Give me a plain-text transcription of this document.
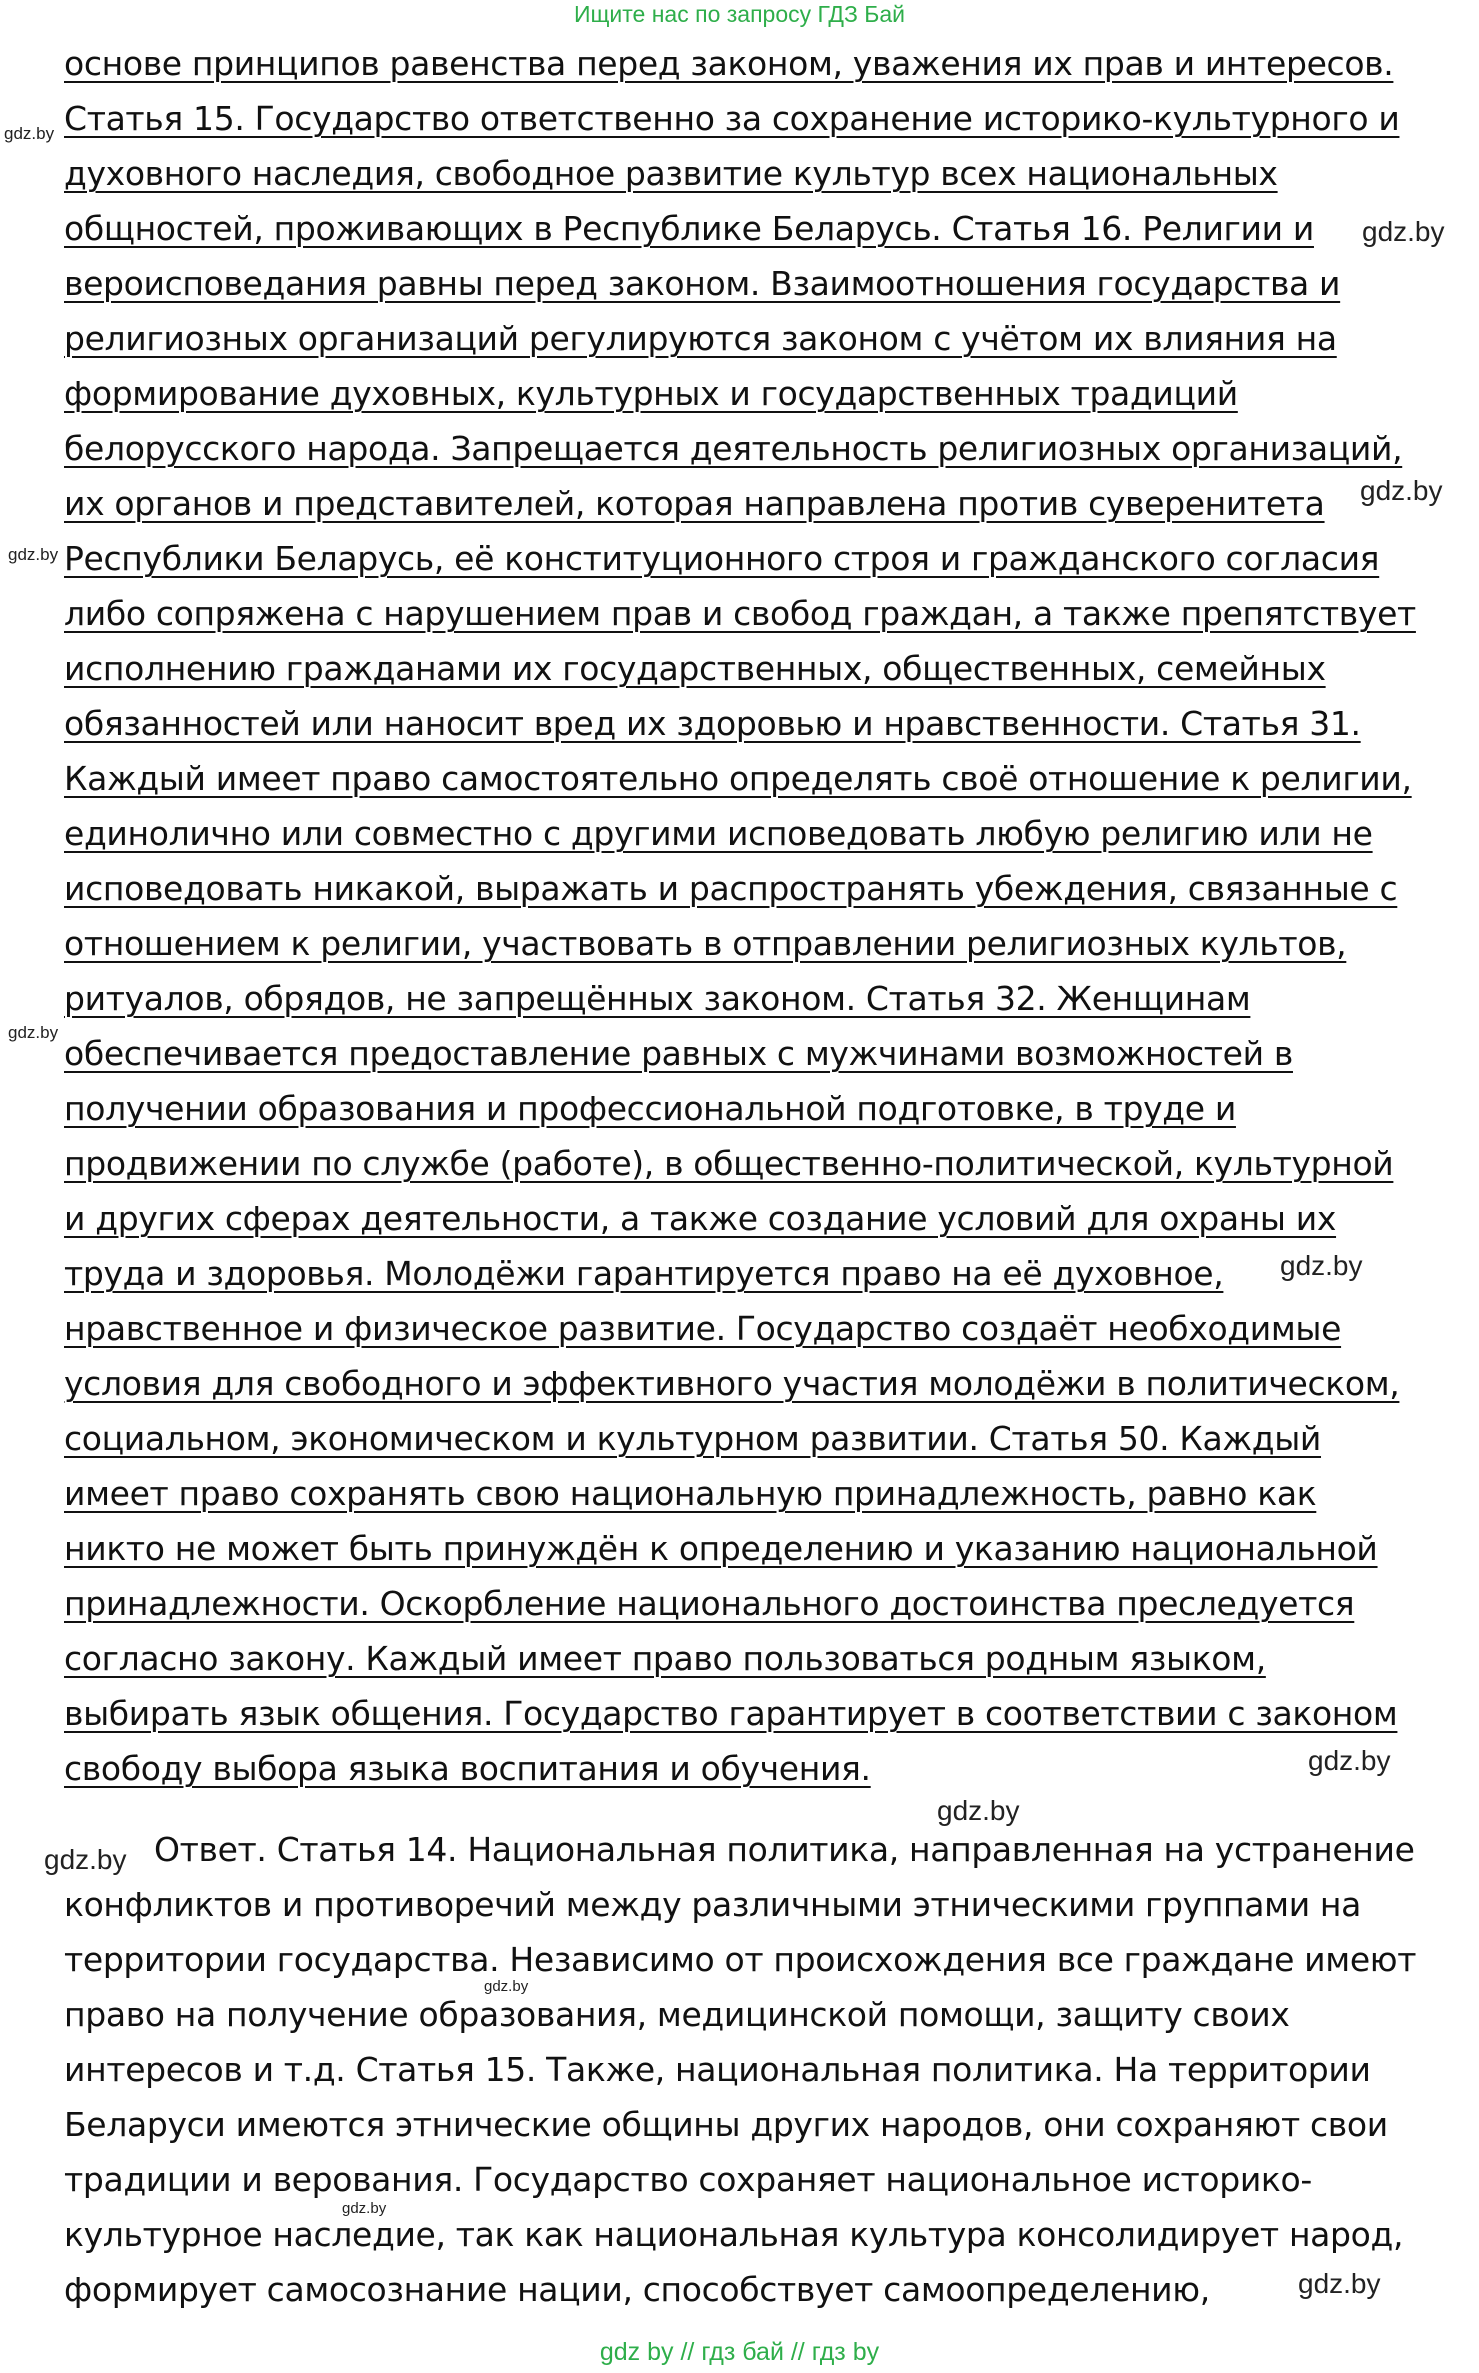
Ищите нас по запросу ГДЗ Бай
основе принципов равенства перед законом, уважения их прав и интересов.
Статья 15. Государство ответственно за сохранение историко-культурного и
духовного наследия, свободное развитие культур всех национальных
общностей, проживающих в Республике Беларусь. Статья 16. Религии и
вероисповедания равны перед законом. Взаимоотношения государства и
религиозных организаций регулируются законом с учётом их влияния на
формирование духовных, культурных и государственных традиций
белорусского народа. Запрещается деятельность религиозных организаций,
их органов и представителей, которая направлена против суверенитета
Республики Беларусь, её конституционного строя и гражданского согласия
либо сопряжена с нарушением прав и свобод граждан, а также препятствует
исполнению гражданами их государственных, общественных, семейных
обязанностей или наносит вред их здоровью и нравственности. Статья 31.
Каждый имеет право самостоятельно определять своё отношение к религии,
единолично или совместно с другими исповедовать любую религию или не
исповедовать никакой, выражать и распространять убеждения, связанные с
отношением к религии, участвовать в отправлении религиозных культов,
ритуалов, обрядов, не запрещённых законом. Статья 32. Женщинам
обеспечивается предоставление равных с мужчинами возможностей в
получении образования и профессиональной подготовке, в труде и
продвижении по службе (работе), в общественно-политической, культурной
и других сферах деятельности, а также создание условий для охраны их
труда и здоровья. Молодёжи гарантируется право на её духовное,
нравственное и физическое развитие. Государство создаёт необходимые
условия для свободного и эффективного участия молодёжи в политическом,
социальном, экономическом и культурном развитии. Статья 50. Каждый
имеет право сохранять свою национальную принадлежность, равно как
никто не может быть принуждён к определению и указанию национальной
принадлежности. Оскорбление национального достоинства преследуется
согласно закону. Каждый имеет право пользоваться родным языком,
выбирать язык общения. Государство гарантирует в соответствии с законом
свободу выбора языка воспитания и обучения.
Ответ. Статья 14. Национальная политика, направленная на устранение
конфликтов и противоречий между различными этническими группами на
территории государства. Независимо от происхождения все граждане имеют
право на получение образования, медицинской помощи, защиту своих
интересов и т.д. Статья 15. Также, национальная политика. На территории
Беларуси имеются этнические общины других народов, они сохраняют свои
традиции и верования. Государство сохраняет национальное историко-
культурное наследие, так как национальная культура консолидирует народ,
формирует самосознание нации, способствует самоопределению,
gdz.by
gdz.by
gdz.by
gdz.by
gdz.by
gdz.by
gdz.by
gdz.by
gdz.by
gdz.by
gdz.by
gdz.by
gdz by // гдз бай // гдз by
